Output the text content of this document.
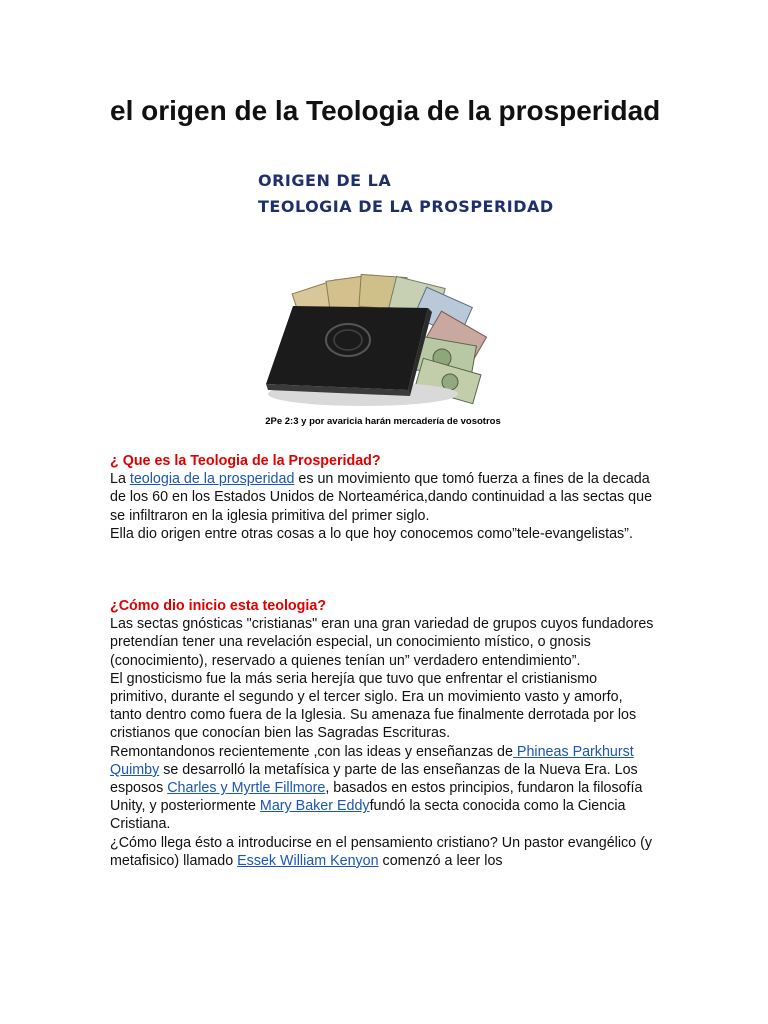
el origen de la Teologia de la prosperidad
ORIGEN DE LA
TEOLOGIA DE LA PROSPERIDAD
2Pe 2:3 y por avaricia harán mercadería de vosotros

¿ Que es la Teologia de la Prosperidad?

La teologia de la prosperidad es un movimiento que tomó fuerza a fines de la decada de los 60 en los Estados Unidos de Norteamérica,dando continuidad a las sectas que se infiltraron en la iglesia primitiva del primer siglo.

Ella dio origen entre otras cosas a lo que hoy conocemos como”tele-evangelistas”.

¿Cómo dio inicio esta teologia?

Las sectas gnósticas "cristianas" eran una gran variedad de grupos cuyos fundadores pretendían tener una revelación especial, un conocimiento místico, o gnosis (conocimiento), reservado a quienes tenían un” verdadero entendimiento”.

El gnosticismo fue la más seria herejía que tuvo que enfrentar el cristianismo primitivo, durante el segundo y el tercer siglo. Era un movimiento vasto y amorfo, tanto dentro como fuera de la Iglesia. Su amenaza fue finalmente derrotada por los cristianos que conocían bien las Sagradas Escrituras.

Remontandonos recientemente ,con las ideas y enseñanzas de Phineas Parkhurst Quimby se desarrolló la metafísica y parte de las enseñanzas de la Nueva Era. Los esposos Charles y Myrtle Fillmore, basados en estos principios, fundaron la filosofía Unity, y posteriormente Mary Baker Eddyfundó la secta conocida como la Ciencia Cristiana.

¿Cómo llega ésto a introducirse en el pensamiento cristiano? Un pastor evangélico (y metafisico) llamado Essek William Kenyon comenzó a leer los
